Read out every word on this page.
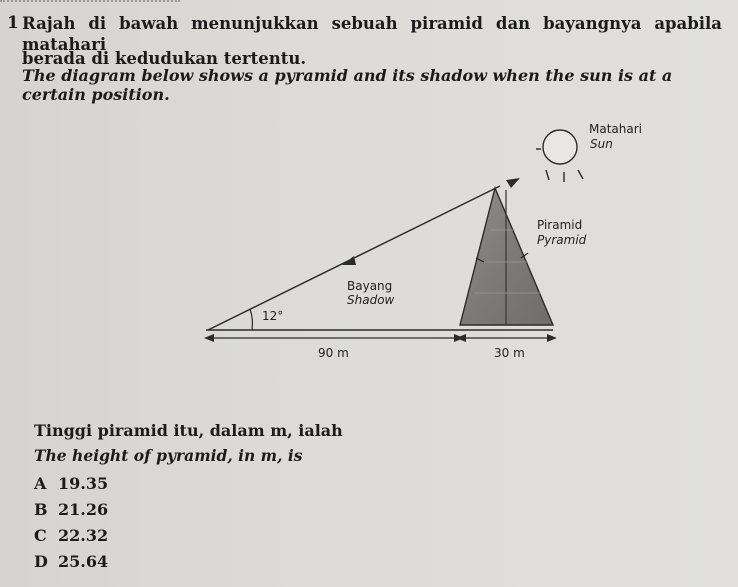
1 Rajah di bawah menunjukkan sebuah piramid dan bayangnya apabila matahari
berada di kedudukan tertentu.
The diagram below shows a pyramid and its shadow when the sun is at a certain position.
Matahari
Sun
Piramid
Pyramid
12°
Bayang
Shadow
90 m	30 m
Tinggi piramid itu, dalam m, ialah
The height of pyramid, in m, is
A 19.35
B 21.26
C 22.32
D 25.64
